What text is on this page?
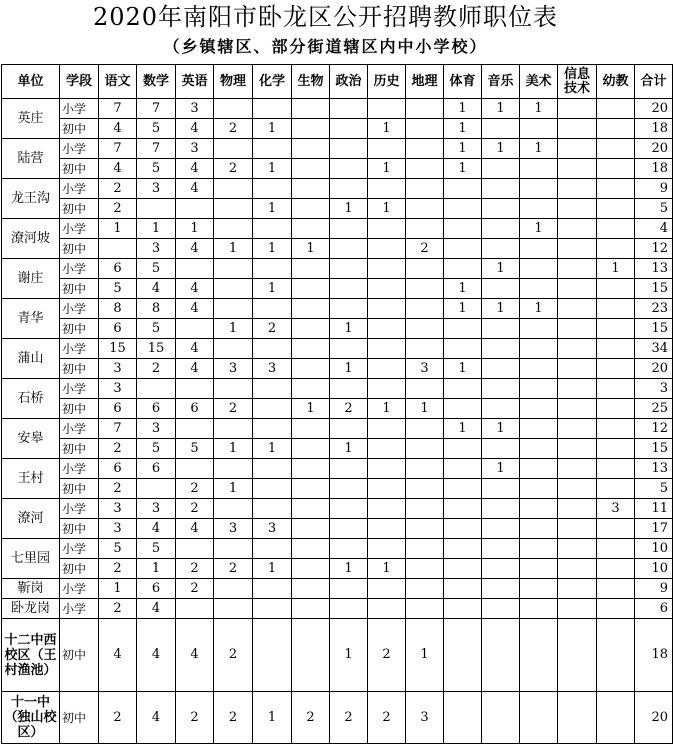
2020年南阳市卧龙区公开招聘教师职位表
（乡镇辖区、部分街道辖区内中小学校）
单位	学段	语文	数学	英语	物理	化学	生物	政治	历史	地理	体育	音乐	美术	信息技术	幼教	合计
英庄	小学	7	7	3							1	1	1			20
	初中	4	5	4	2	1			1		1					18
陆营	小学	7	7	3							1	1	1			20
	初中	4	5	4	2	1			1		1					18
龙王沟	小学	2	3	4												9
	初中	2				1		1	1							5
潦河坡	小学	1	1	1									1			4
	初中		3	4	1	1	1			2						12
谢庄	小学	6	5									1			1	13
	初中	5	4	4		1					1					15
青华	小学	8	8	4							1	1	1			23
	初中	6	5		1	2		1								15
蒲山	小学	15	15	4												34
	初中	3	2	4	3	3		1		3	1					20
石桥	小学	3														3
	初中	6	6	6	2		1	2	1	1						25
安皋	小学	7	3								1	1				12
	初中	2	5	5	1	1		1								15
王村	小学	6	6									1				13
	初中	2		2	1											5
潦河	小学	3	3	2											3	11
	初中	3	4	4	3	3										17
七里园	小学	5	5													10
	初中	2	1	2	2	1		1	1							10
靳岗	小学	1	6	2												9
卧龙岗	小学	2	4													6
十二中西校区（王村渔池）	初中	4	4	4	2			1	2	1						18
十一中（独山校区）	初中	2	4	2	2	1	2	2	2	3						20
